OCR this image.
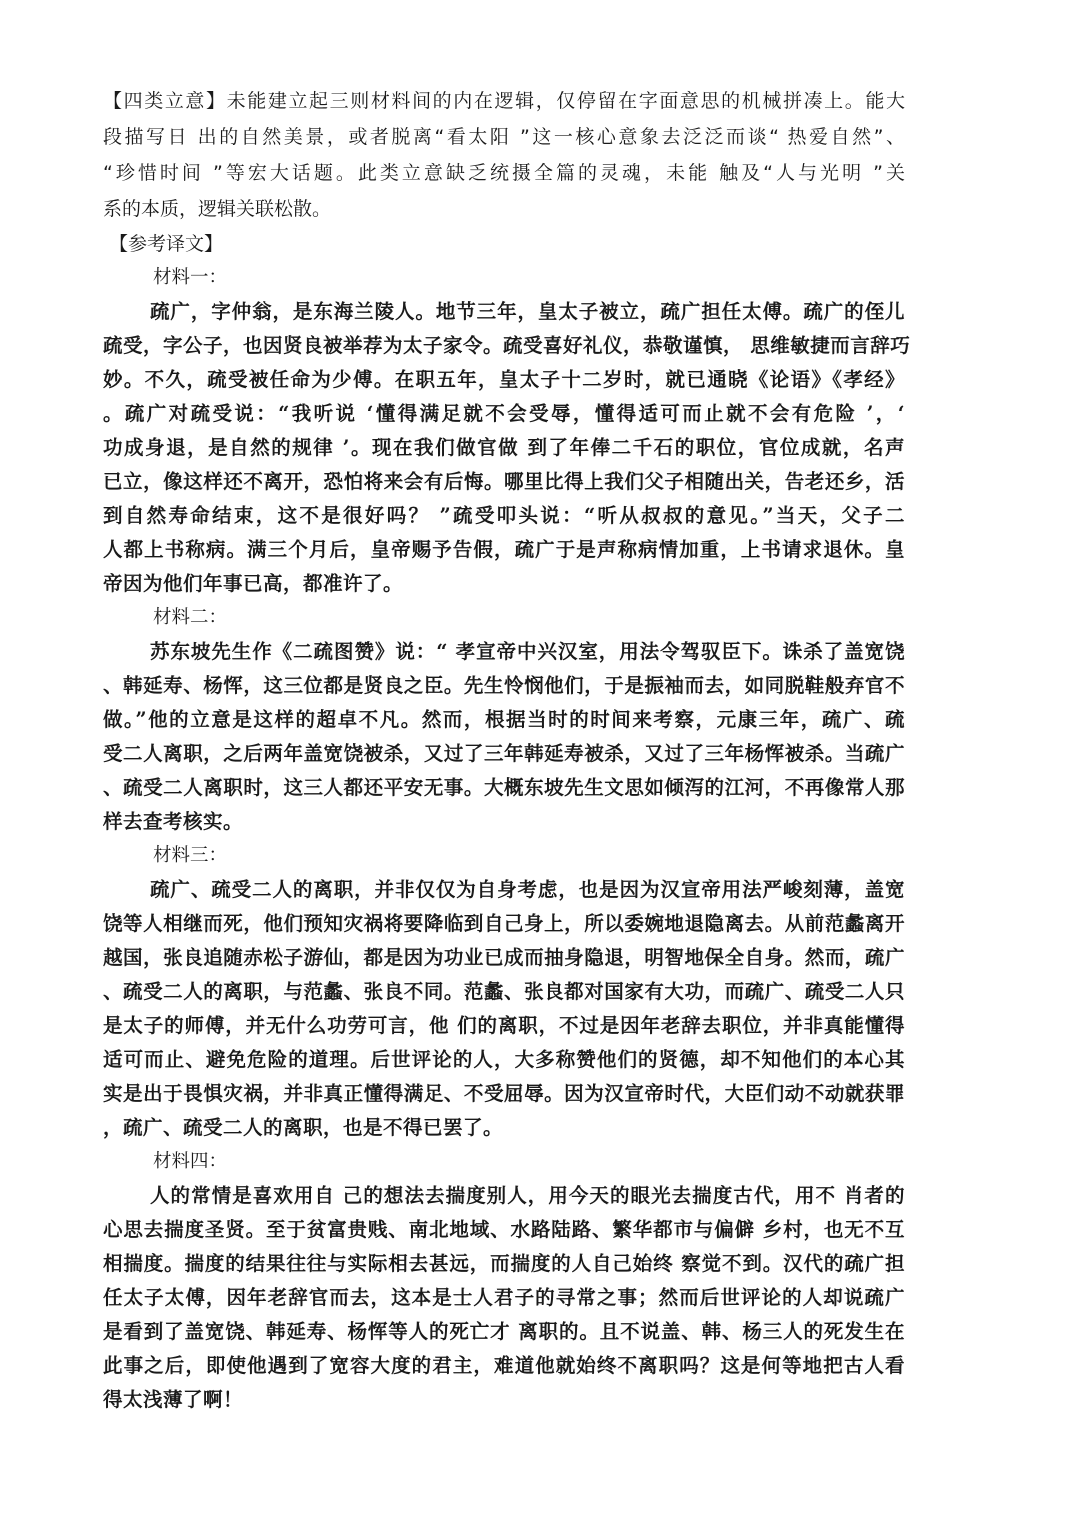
【四类立意】未能建立起三则材料间的内在逻辑，仅停留在字面意思的机械拼凑上。能大
段描写日 出的自然美景，或者脱离“看太阳 ”这一核心意象去泛泛而谈“ 热爱自然”、
“珍惜时间 ”等宏大话题。此类立意缺乏统摄全篇的灵魂，未能 触及“人与光明 ”关
系的本质，逻辑关联松散。
【参考译文】
材料一：
疏广，字仲翁，是东海兰陵人。地节三年，皇太子被立，疏广担任太傅。疏广的侄儿
疏受，字公子，也因贤良被举荐为太子家令。疏受喜好礼仪，恭敬谨慎， 思维敏捷而言辞巧
妙。不久，疏受被任命为少傅。在职五年，皇太子十二岁时，就已通晓《论语》《孝经》
。疏广对疏受说：“我听说 ‘懂得满足就不会受辱，懂得适可而止就不会有危险 ’，‘
功成身退，是自然的规律 ’。现在我们做官做 到了年俸二千石的职位，官位成就，名声
已立，像这样还不离开，恐怕将来会有后悔。哪里比得上我们父子相随出关，告老还乡，活
到自然寿命结束，这不是很好吗？ ”疏受叩头说：“听从叔叔的意见。”当天，父子二
人都上书称病。满三个月后，皇帝赐予告假，疏广于是声称病情加重，上书请求退休。皇
帝因为他们年事已高，都准许了。
材料二：
苏东坡先生作《二疏图赞》说：“ 孝宣帝中兴汉室，用法令驾驭臣下。诛杀了盖宽饶
、韩延寿、杨恽，这三位都是贤良之臣。先生怜悯他们，于是振袖而去，如同脱鞋般弃官不
做。”他的立意是这样的超卓不凡。然而，根据当时的时间来考察，元康三年，疏广、疏
受二人离职，之后两年盖宽饶被杀，又过了三年韩延寿被杀，又过了三年杨恽被杀。当疏广
、疏受二人离职时，这三人都还平安无事。大概东坡先生文思如倾泻的江河，不再像常人那
样去查考核实。
材料三：
疏广、疏受二人的离职，并非仅仅为自身考虑，也是因为汉宣帝用法严峻刻薄，盖宽
饶等人相继而死，他们预知灾祸将要降临到自己身上，所以委婉地退隐离去。从前范蠡离开
越国，张良追随赤松子游仙，都是因为功业已成而抽身隐退，明智地保全自身。然而，疏广
、疏受二人的离职，与范蠡、张良不同。范蠡、张良都对国家有大功，而疏广、疏受二人只
是太子的师傅，并无什么功劳可言，他 们的离职，不过是因年老辞去职位，并非真能懂得
适可而止、避免危险的道理。后世评论的人，大多称赞他们的贤德，却不知他们的本心其
实是出于畏惧灾祸，并非真正懂得满足、不受屈辱。因为汉宣帝时代，大臣们动不动就获罪
，疏广、疏受二人的离职，也是不得已罢了。
材料四：
人的常情是喜欢用自 己的想法去揣度别人，用今天的眼光去揣度古代，用不 肖者的
心思去揣度圣贤。至于贫富贵贱、南北地域、水路陆路、繁华都市与偏僻 乡村，也无不互
相揣度。揣度的结果往往与实际相去甚远，而揣度的人自己始终 察觉不到。汉代的疏广担
任太子太傅，因年老辞官而去，这本是士人君子的寻常之事；然而后世评论的人却说疏广
是看到了盖宽饶、韩延寿、杨恽等人的死亡才 离职的。且不说盖、韩、杨三人的死发生在
此事之后，即使他遇到了宽容大度的君主，难道他就始终不离职吗？这是何等地把古人看
得太浅薄了啊！
